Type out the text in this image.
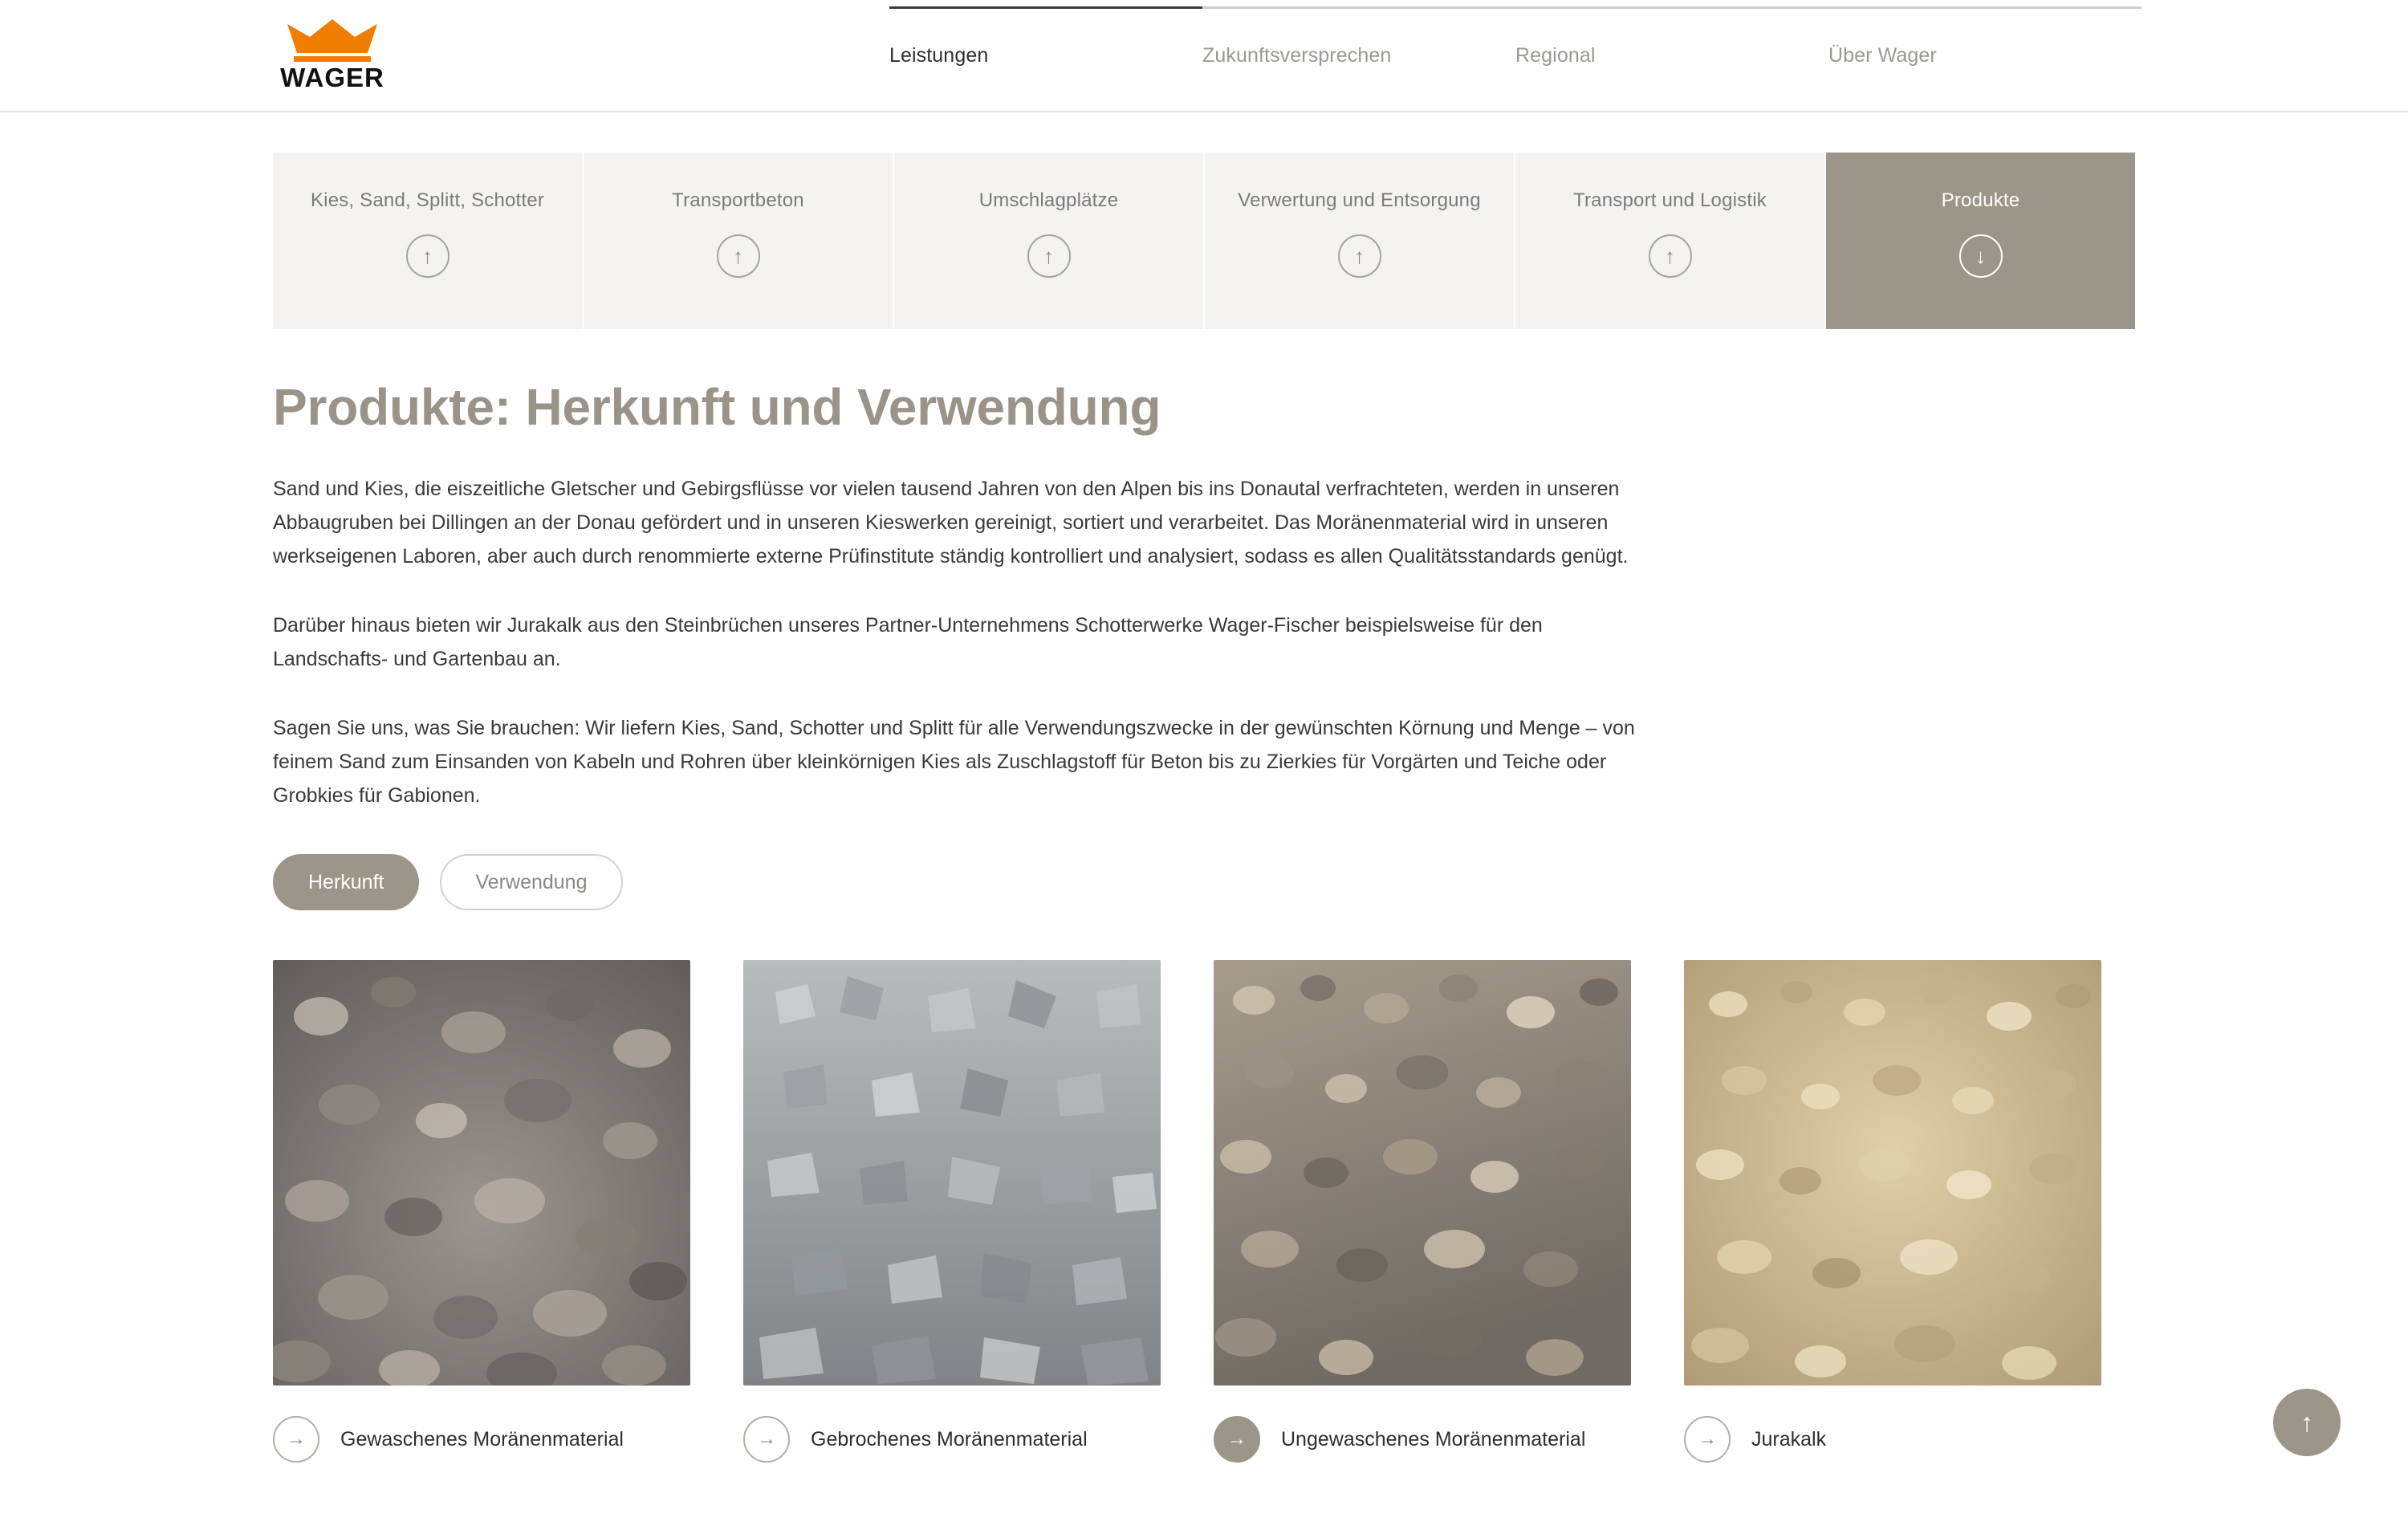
WAGER
Leistungen	Zukunftsversprechen	Regional	Über Wager
Kies, Sand, Splitt, Schotter
↑
Transportbeton
↑
Umschlagplätze
↑
Verwertung und Entsorgung
↑
Transport und Logistik
↑
Produkte
↓
Produkte: Herkunft und Verwendung

Sand und Kies, die eiszeitliche Gletscher und Gebirgsflüsse vor vielen tausend Jahren von den Alpen bis ins Donautal verfrachteten, werden in unseren Abbaugruben bei Dillingen an der Donau gefördert und in unseren Kieswerken gereinigt, sortiert und verarbeitet. Das Moränenmaterial wird in unseren werkseigenen Laboren, aber auch durch renommierte externe Prüfinstitute ständig kontrolliert und analysiert, sodass es allen Qualitätsstandards genügt.

Darüber hinaus bieten wir Jurakalk aus den Steinbrüchen unseres Partner-Unternehmens Schotterwerke Wager-Fischer beispielsweise für den Landschafts- und Gartenbau an.

Sagen Sie uns, was Sie brauchen: Wir liefern Kies, Sand, Schotter und Splitt für alle Verwendungszwecke in der gewünschten Körnung und Menge – von feinem Sand zum Einsanden von Kabeln und Rohren über kleinkörnigen Kies als Zuschlagstoff für Beton bis zu Zierkies für Vorgärten und Teiche oder Grobkies für Gabionen.

Herkunft	Verwendung
→	Gewaschenes Moränenmaterial	→	Gebrochenes Moränenmaterial	→	Ungewaschenes Moränenmaterial	→	Jurakalk
↑
